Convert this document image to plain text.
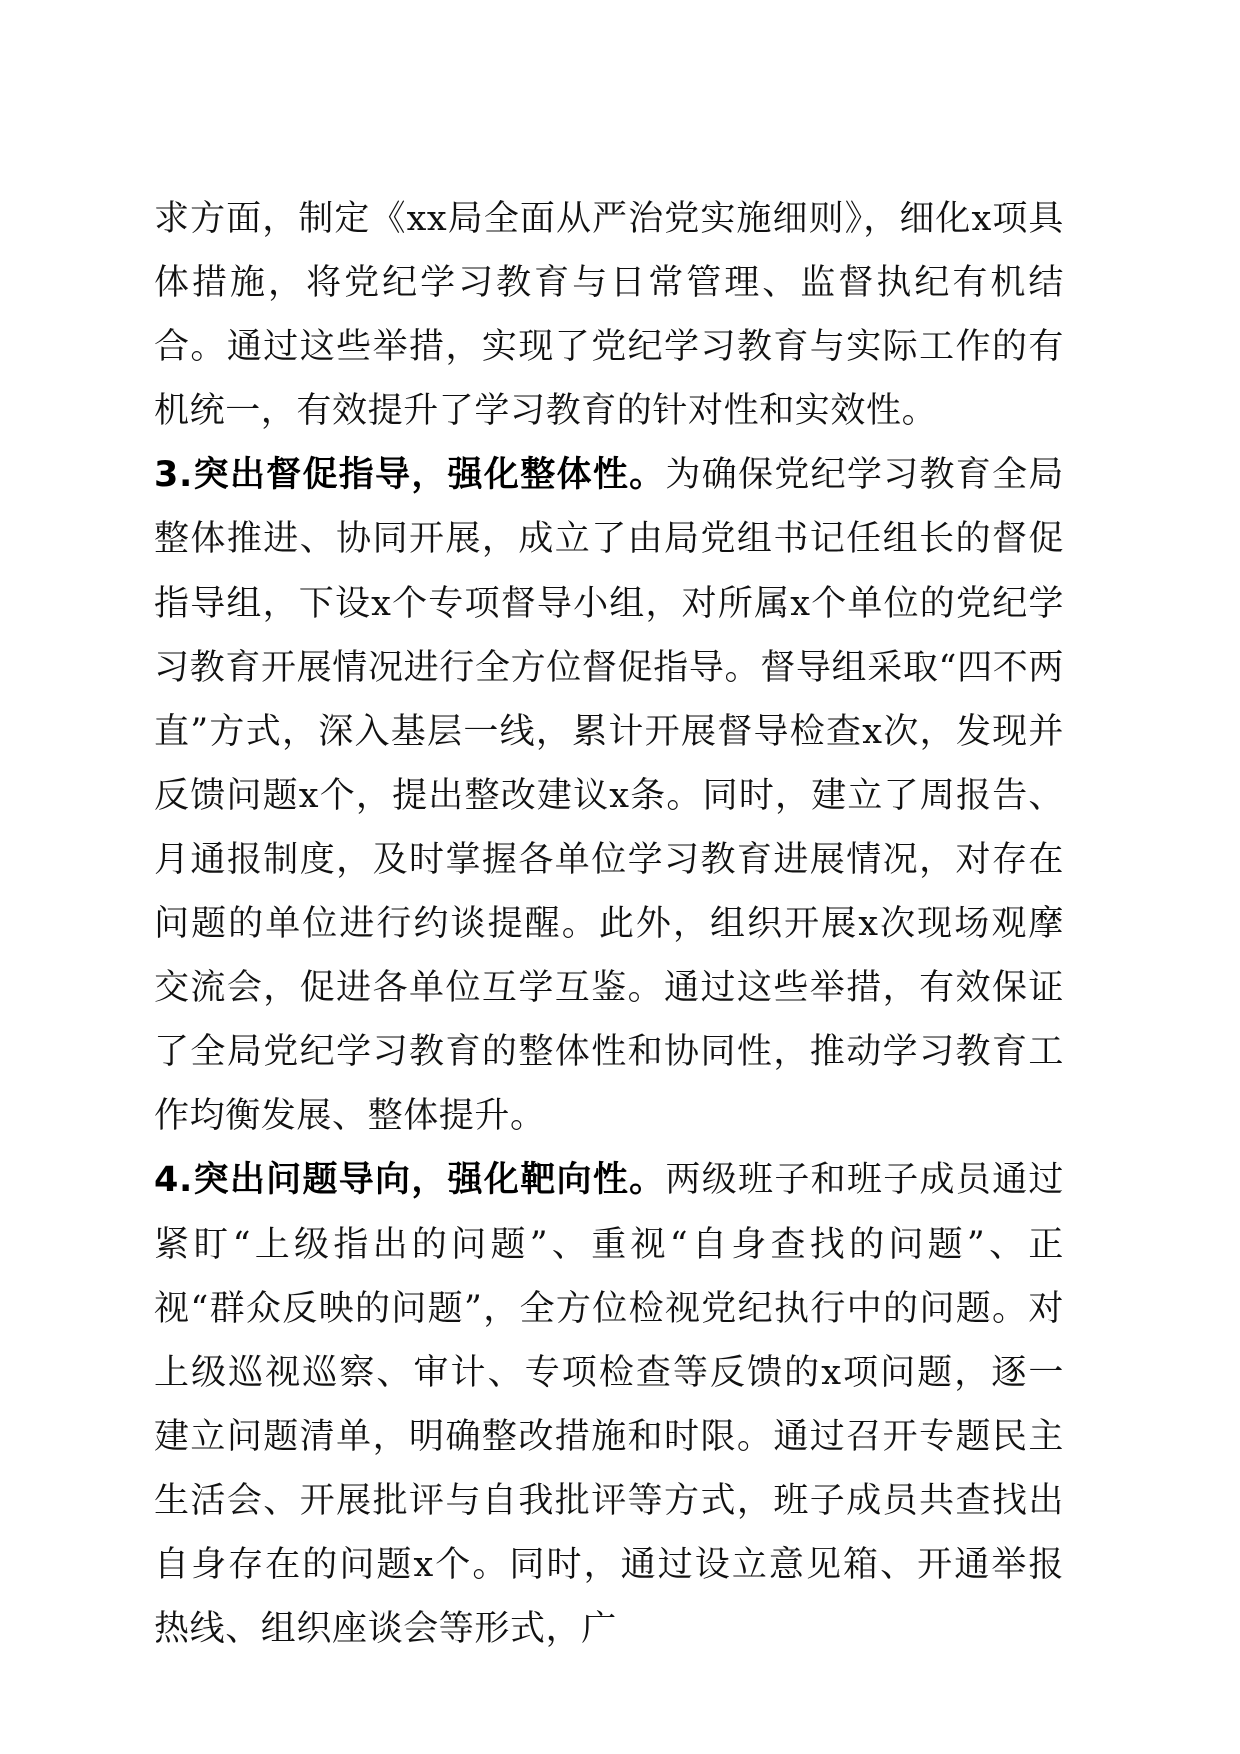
求方面，制定《xx局全面从严治党实施细则》，细化x项具体措施，将党纪学习教育与日常管理、监督执纪有机结合。通过这些举措，实现了党纪学习教育与实际工作的有机统一，有效提升了学习教育的针对性和实效性。

3.突出督促指导，强化整体性。为确保党纪学习教育全局整体推进、协同开展，成立了由局党组书记任组长的督促指导组，下设x个专项督导小组，对所属x个单位的党纪学习教育开展情况进行全方位督促指导。督导组采取“四不两直”方式，深入基层一线，累计开展督导检查x次，发现并反馈问题x个，提出整改建议x条。同时，建立了周报告、月通报制度，及时掌握各单位学习教育进展情况，对存在问题的单位进行约谈提醒。此外，组织开展x次现场观摩交流会，促进各单位互学互鉴。通过这些举措，有效保证了全局党纪学习教育的整体性和协同性，推动学习教育工作均衡发展、整体提升。

4.突出问题导向，强化靶向性。两级班子和班子成员通过紧盯“上级指出的问题”、重视“自身查找的问题”、正视“群众反映的问题”，全方位检视党纪执行中的问题。对上级巡视巡察、审计、专项检查等反馈的x项问题，逐一建立问题清单，明确整改措施和时限。通过召开专题民主生活会、开展批评与自我批评等方式，班子成员共查找出自身存在的问题x个。同时，通过设立意见箱、开通举报热线、组织座谈会等形式，广
